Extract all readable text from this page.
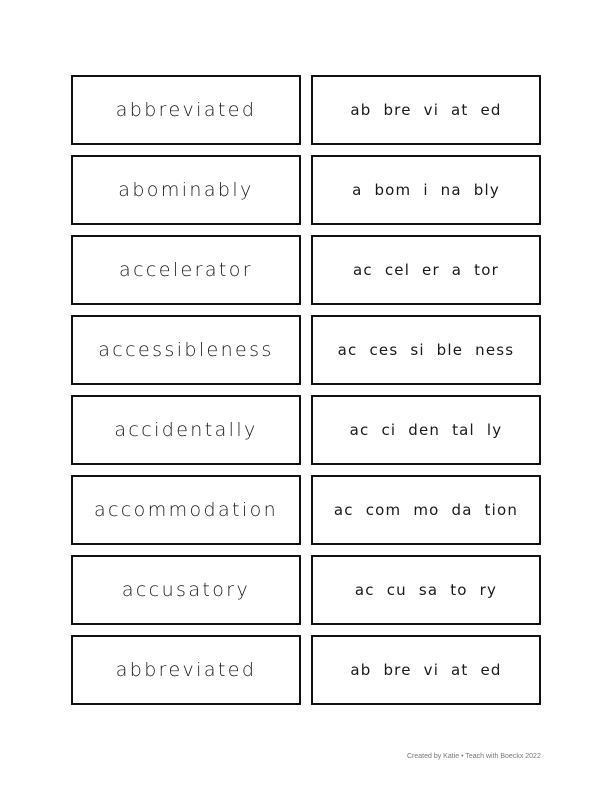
abbreviated	ab bre vi at ed
abominably	a bom i na bly
accelerator	ac cel er a tor
accessibleness	ac ces si ble ness
accidentally	ac ci den tal ly
accommodation	ac com mo da tion
accusatory	ac cu sa to ry
abbreviated	ab bre vi at ed
Created by Katie • Teach with Boeckx 2022
